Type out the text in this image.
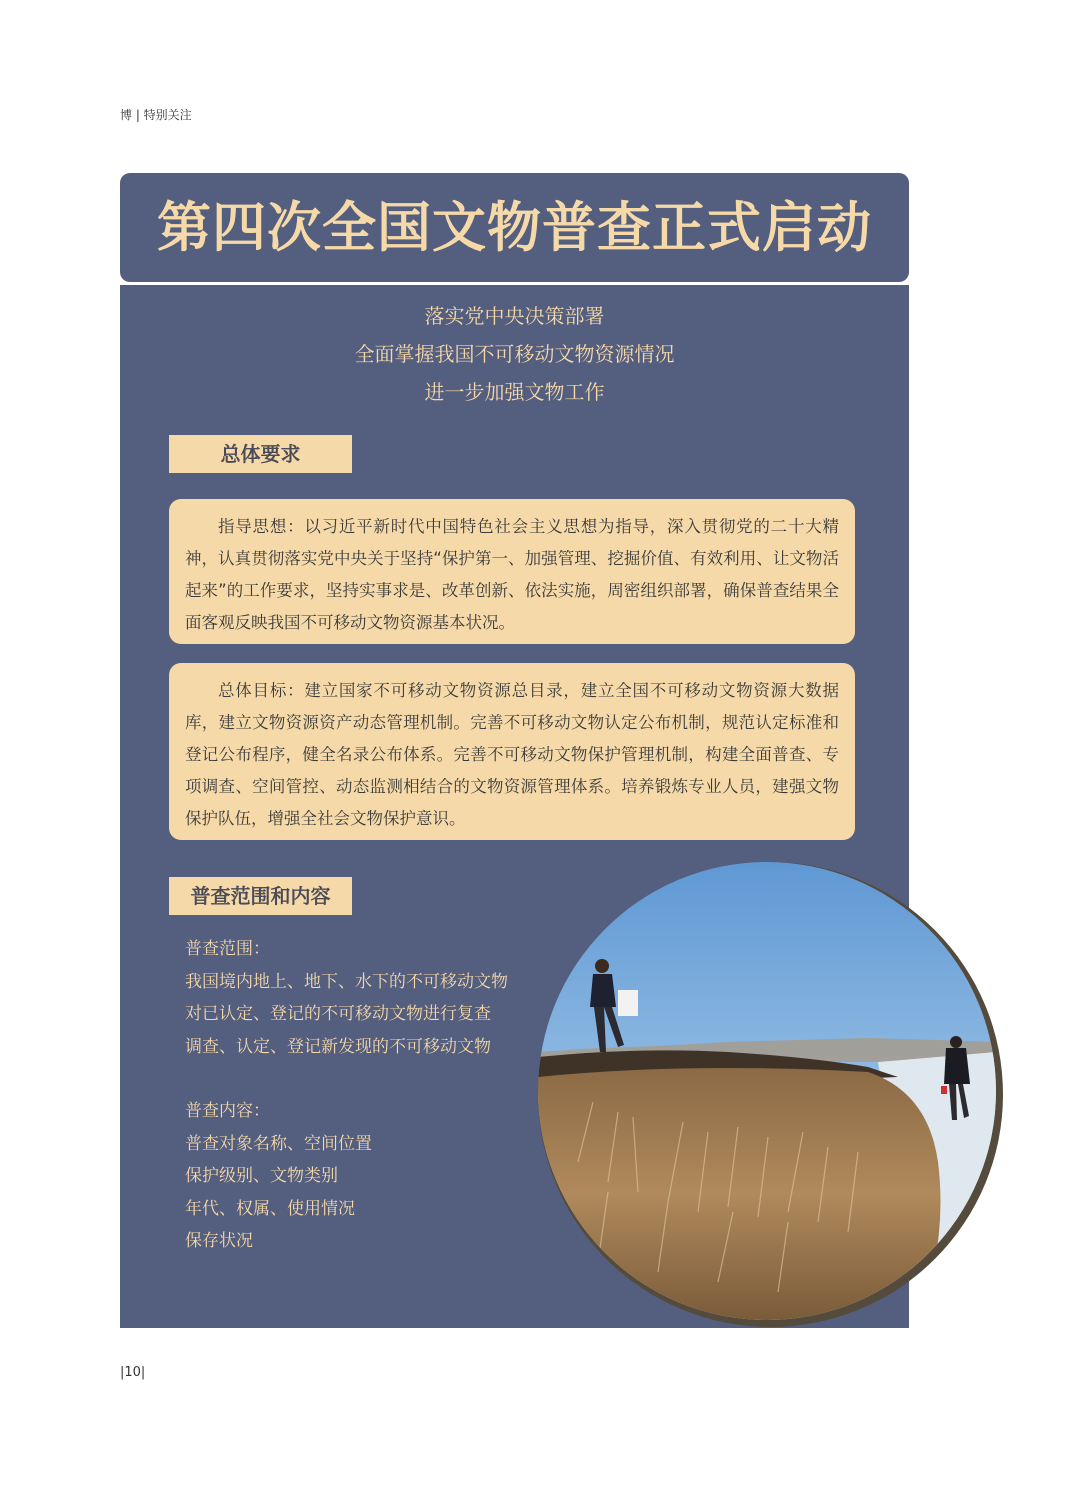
博 | 特别关注
第四次全国文物普查正式启动
落实党中央决策部署
全面掌握我国不可移动文物资源情况
进一步加强文物工作
总体要求
指导思想：以习近平新时代中国特色社会主义思想为指导，深入贯彻党的二十大精神，认真贯彻落实党中央关于坚持“保护第一、加强管理、挖掘价值、有效利用、让文物活起来”的工作要求，坚持实事求是、改革创新、依法实施，周密组织部署，确保普查结果全面客观反映我国不可移动文物资源基本状况。
总体目标：建立国家不可移动文物资源总目录，建立全国不可移动文物资源大数据库，建立文物资源资产动态管理机制。完善不可移动文物认定公布机制，规范认定标准和登记公布程序，健全名录公布体系。完善不可移动文物保护管理机制，构建全面普查、专项调查、空间管控、动态监测相结合的文物资源管理体系。培养锻炼专业人员，建强文物保护队伍，增强全社会文物保护意识。
普查范围和内容
普查范围：
我国境内地上、地下、水下的不可移动文物
对已认定、登记的不可移动文物进行复查
调查、认定、登记新发现的不可移动文物
普查内容：
普查对象名称、空间位置
保护级别、文物类别
年代、权属、使用情况
保存状况
|10|
